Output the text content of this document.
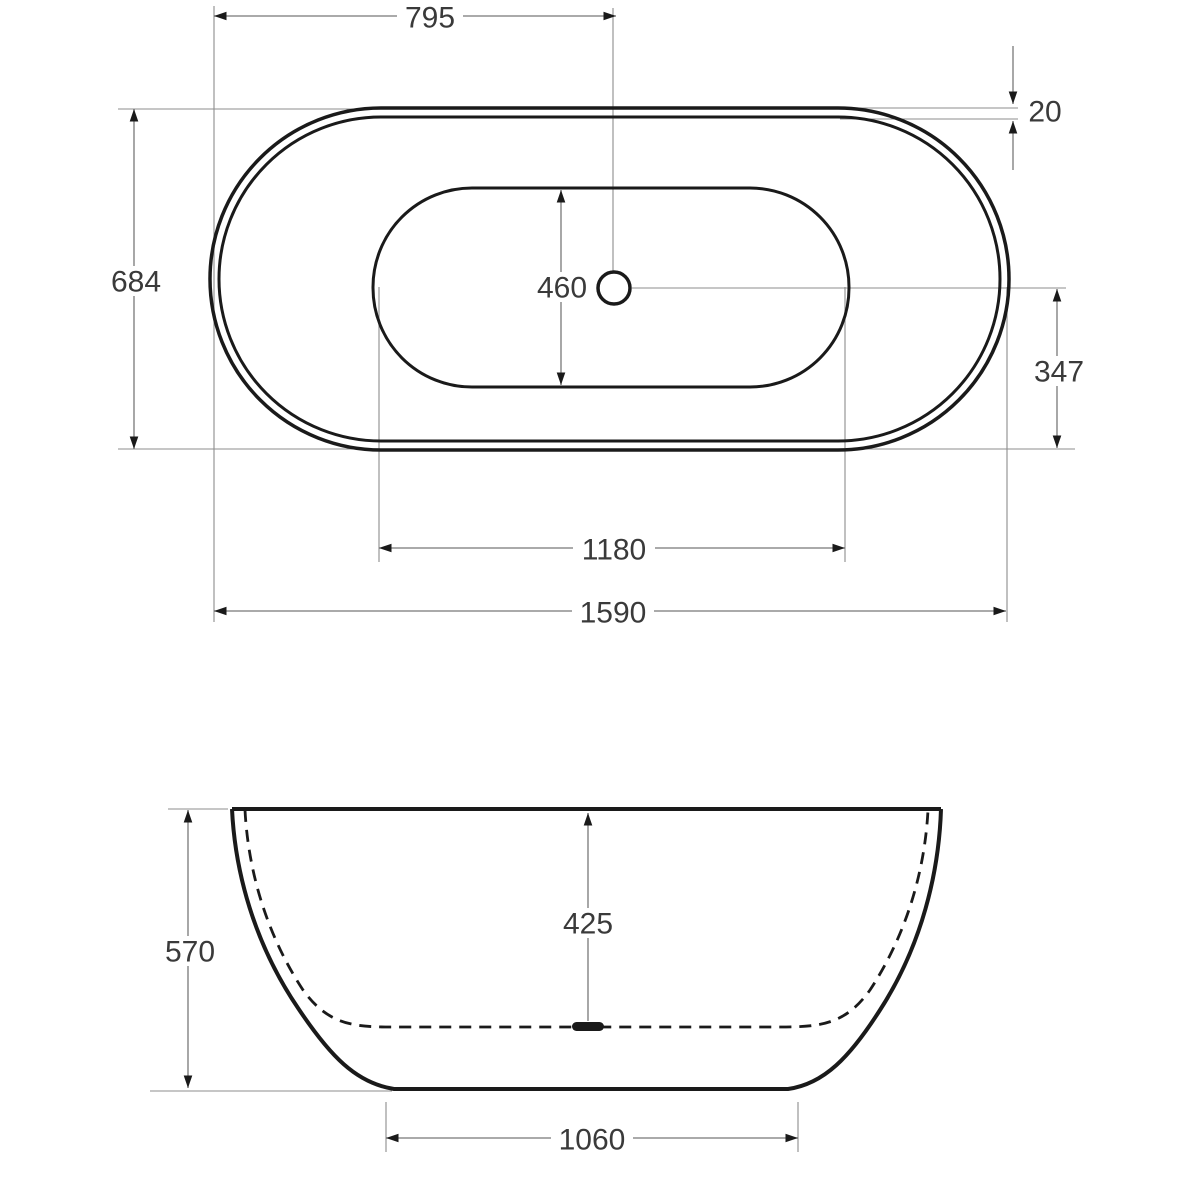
795
20
684	460
347
1180
1590
570
425
1060
